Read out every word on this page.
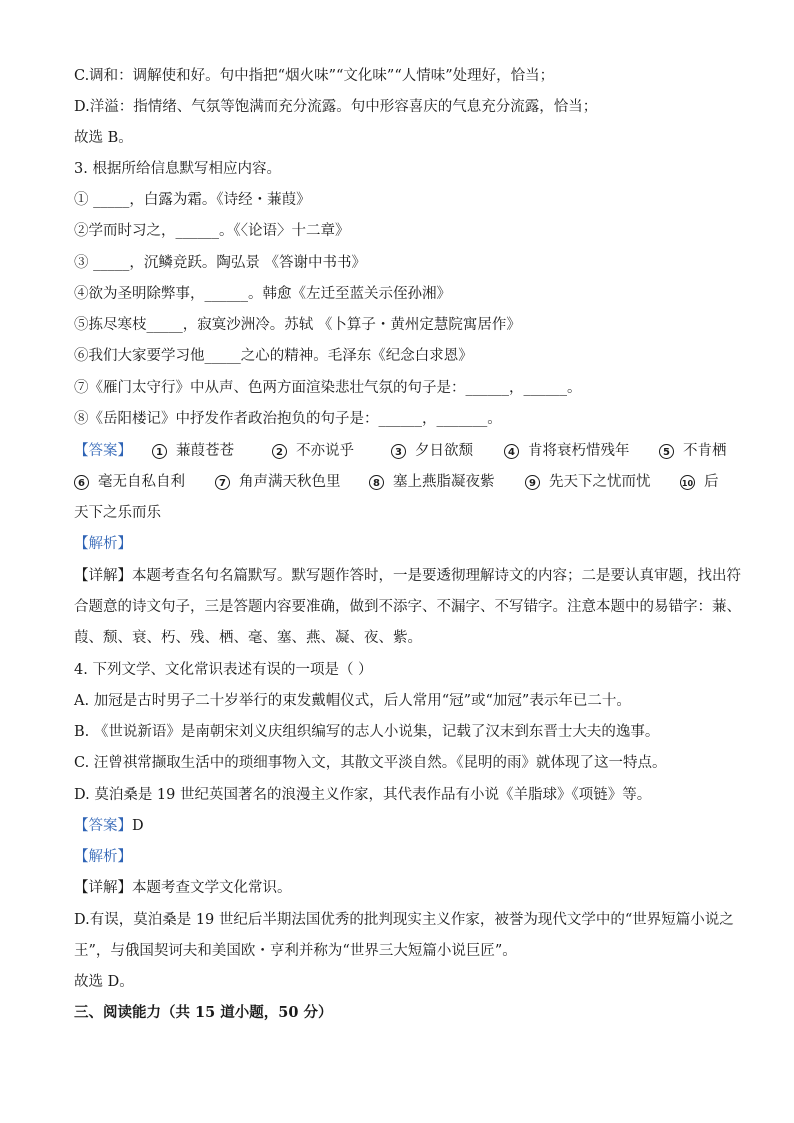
C.调和：调解使和好。句中指把“烟火味”“文化味”“人情味”处理好，恰当；
D.洋溢：指情绪、气氛等饱满而充分流露。句中形容喜庆的气息充分流露，恰当；
故选 B。
3. 根据所给信息默写相应内容。
① _____，白露为霜。《诗经・蒹葭》
②学而时习之，______。《〈论语〉十二章》
③ _____，沉鳞竞跃。陶弘景 《答谢中书书》
④欲为圣明除弊事，______。韩愈《左迁至蓝关示侄孙湘》
⑤拣尽寒枝_____，寂寞沙洲冷。苏轼 《卜算子・黄州定慧院寓居作》
⑥我们大家要学习他_____之心的精神。毛泽东《纪念白求恩》
⑦《雁门太守行》中从声、色两方面渲染悲壮气氛的句子是：______，______。
⑧《岳阳楼记》中抒发作者政治抱负的句子是：______，_______。
【答案】	1 蒹葭苍苍	2 不亦说乎	3 夕日欲颓	4 肯将衰朽惜残年	5 不肯栖
6 毫无自私自利	7 角声满天秋色里	8 塞上燕脂凝夜紫	9 先天下之忧而忧	10 后
天下之乐而乐
【解析】
【详解】本题考查名句名篇默写。默写题作答时，一是要透彻理解诗文的内容；二是要认真审题，找出符
合题意的诗文句子，三是答题内容要准确，做到不添字、不漏字、不写错字。注意本题中的易错字：蒹、
葭、颓、衰、朽、残、栖、毫、塞、燕、凝、夜、紫。
4. 下列文学、文化常识表述有误的一项是（ ）
A. 加冠是古时男子二十岁举行的束发戴帽仪式，后人常用“冠”或“加冠”表示年已二十。
B. 《世说新语》是南朝宋刘义庆组织编写的志人小说集，记载了汉末到东晋士大夫的逸事。
C. 汪曾祺常撷取生活中的琐细事物入文，其散文平淡自然。《昆明的雨》就体现了这一特点。
D. 莫泊桑是 19 世纪英国著名的浪漫主义作家，其代表作品有小说《羊脂球》《项链》等。
【答案】D
【解析】
【详解】本题考查文学文化常识。
D.有误，莫泊桑是 19 世纪后半期法国优秀的批判现实主义作家，被誉为现代文学中的“世界短篇小说之
王”，与俄国契诃夫和美国欧・亨利并称为“世界三大短篇小说巨匠”。
故选 D。
三、阅读能力（共 15 道小题，50 分）
